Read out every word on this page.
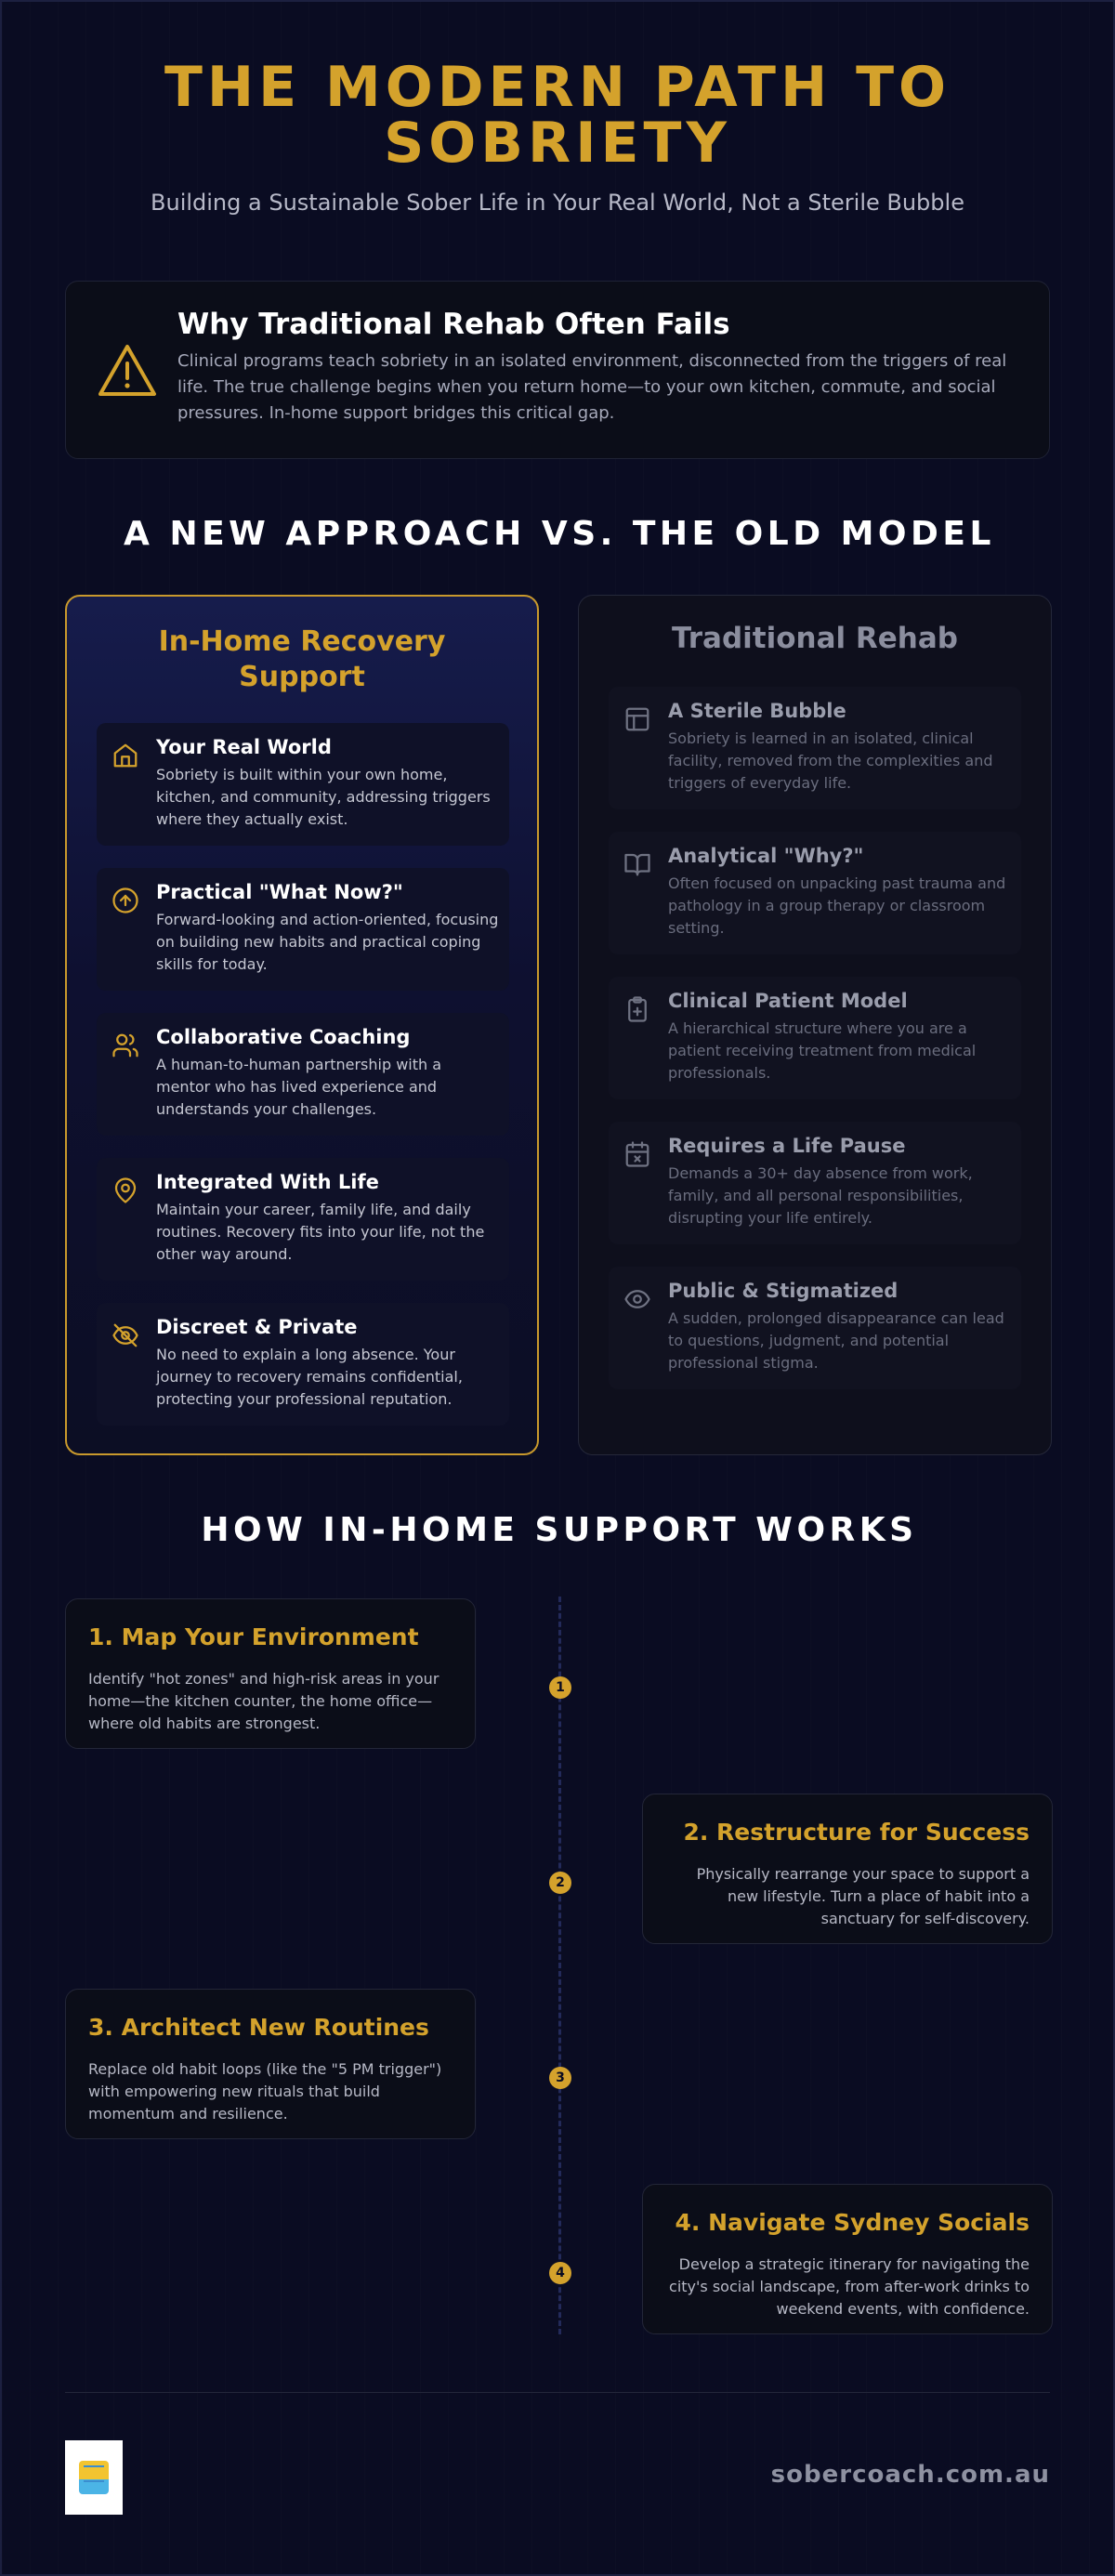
THE MODERN PATH TO
SOBRIETY
Building a Sustainable Sober Life in Your Real World, Not a Sterile Bubble
Why Traditional Rehab Often Fails

Clinical programs teach sobriety in an isolated environment, disconnected from the triggers of real life. The true challenge begins when you return home—to your own kitchen, commute, and social pressures. In-home support bridges this critical gap.

A NEW APPROACH VS. THE OLD MODEL
In-Home Recovery
Support
Your Real World
Sobriety is built within your own home, kitchen, and community, addressing triggers where they actually exist.
Practical "What Now?"
Forward-looking and action-oriented, focusing on building new habits and practical coping skills for today.
Collaborative Coaching
A human-to-human partnership with a mentor who has lived experience and understands your challenges.
Integrated With Life
Maintain your career, family life, and daily routines. Recovery fits into your life, not the other way around.
Discreet & Private
No need to explain a long absence. Your journey to recovery remains confidential, protecting your professional reputation.
Traditional Rehab
A Sterile Bubble
Sobriety is learned in an isolated, clinical facility, removed from the complexities and triggers of everyday life.
Analytical "Why?"
Often focused on unpacking past trauma and pathology in a group therapy or classroom setting.
Clinical Patient Model
A hierarchical structure where you are a patient receiving treatment from medical professionals.
Requires a Life Pause
Demands a 30+ day absence from work, family, and all personal responsibilities, disrupting your life entirely.
Public & Stigmatized
A sudden, prolonged disappearance can lead to questions, judgment, and potential professional stigma.
HOW IN-HOME SUPPORT WORKS
1
2
3
4
1. Map Your Environment
Identify "hot zones" and high-risk areas in your home—the kitchen counter, the home office—where old habits are strongest.
2. Restructure for Success
Physically rearrange your space to support a new lifestyle. Turn a place of habit into a sanctuary for self-discovery.
3. Architect New Routines
Replace old habit loops (like the "5 PM trigger") with empowering new rituals that build momentum and resilience.
4. Navigate Sydney Socials
Develop a strategic itinerary for navigating the city's social landscape, from after-work drinks to weekend events, with confidence.
sobercoach.com.au
